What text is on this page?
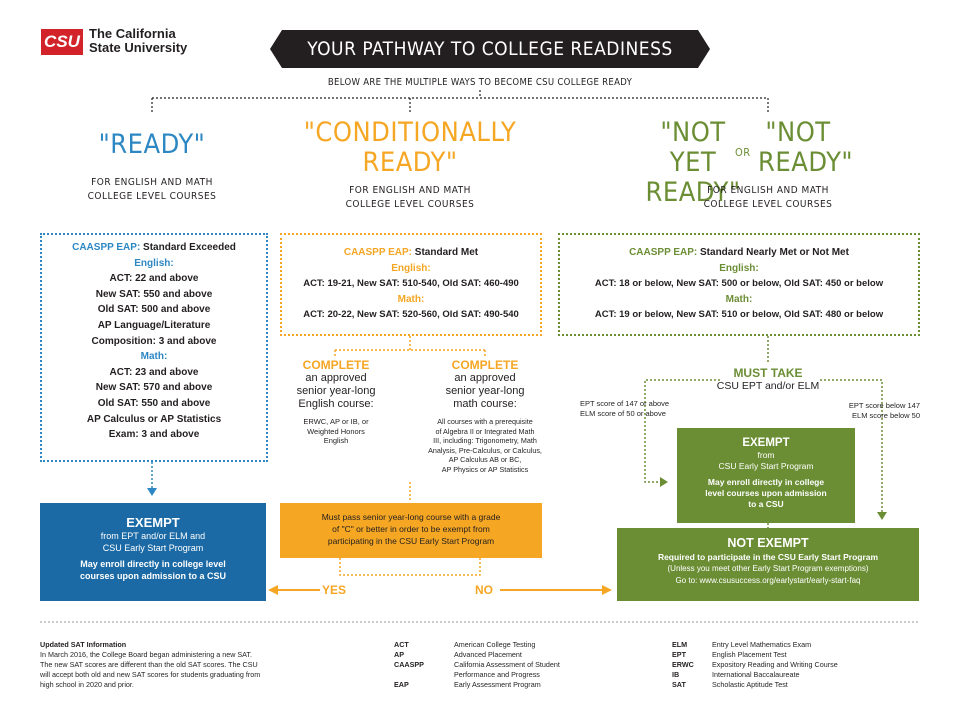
CSU The California
State University	YOUR PATHWAY TO COLLEGE READINESS
BELOW ARE THE MULTIPLE WAYS TO BECOME CSU COLLEGE READY
"READY"
FOR ENGLISH AND MATH
COLLEGE LEVEL COURSES
CAASPP EAP: Standard Exceeded
English:
ACT: 22 and above
New SAT: 550 and above
Old SAT: 500 and above
AP Language/Literature
Composition: 3 and above
Math:
ACT: 23 and above
New SAT: 570 and above
Old SAT: 550 and above
AP Calculus or AP Statistics
Exam: 3 and above
EXEMPT
from EPT and/or ELM and
CSU Early Start Program
May enroll directly in college level
courses upon admission to a CSU
"CONDITIONALLY
READY"
FOR ENGLISH AND MATH
COLLEGE LEVEL COURSES
CAASPP EAP: Standard Met
English:
ACT: 19-21, New SAT: 510-540, Old SAT: 460-490
Math:
ACT: 20-22, New SAT: 520-560, Old SAT: 490-540
COMPLETE
an approved
senior year-long
English course:
ERWC, AP or IB, or
Weighted Honors
English
COMPLETE
an approved
senior year-long
math course:
All courses with a prerequisite
of Algebra II or Integrated Math
III, including: Trigonometry, Math
Analysis, Pre-Calculus, or Calculus,
AP Calculus AB or BC,
AP Physics or AP Statistics
Must pass senior year-long course with a grade
of "C" or better in order to be exempt from
participating in the CSU Early Start Program
YES	NO
"NOT YET
READY"
OR
"NOT
READY"
FOR ENGLISH AND MATH
COLLEGE LEVEL COURSES
CAASPP EAP: Standard Nearly Met or Not Met
English:
ACT: 18 or below, New SAT: 500 or below, Old SAT: 450 or below
Math:
ACT: 19 or below, New SAT: 510 or below, Old SAT: 480 or below
MUST TAKE
CSU EPT and/or ELM
EPT score of 147 or above
ELM score of 50 or above
EPT score below 147
ELM score below 50
EXEMPT
from
CSU Early Start Program
May enroll directly in college
level courses upon admission
to a CSU
NOT EXEMPT
Required to participate in the CSU Early Start Program
(Unless you meet other Early Start Program exemptions)
Go to: www.csusuccess.org/earlystart/early-start-faq
Updated SAT Information
In March 2016, the College Board began administering a new SAT.
The new SAT scores are different than the old SAT scores. The CSU
will accept both old and new SAT scores for students graduating from
high school in 2020 and prior.
ACT	American College Testing
AP	Advanced Placement
CAASPP	California Assessment of Student
Performance and Progress
EAP	Early Assessment Program
ELM	Entry Level Mathematics Exam
EPT	English Placement Test
ERWC	Expository Reading and Writing Course
IB	International Baccalaureate
SAT	Scholastic Aptitude Test
